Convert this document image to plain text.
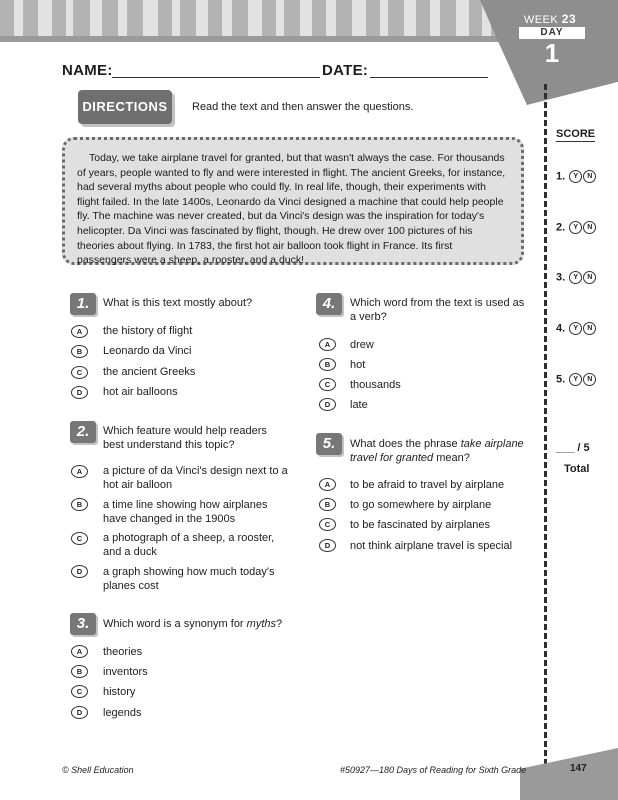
WEEK 23
DAY
1
NAME:	DATE:
DIRECTIONS	Read the text and then answer the questions.
Today, we take airplane travel for granted, but that wasn't always the case. For thousands of years, people wanted to fly and were interested in flight. The ancient Greeks, for instance, had several myths about people who could fly. In real life, though, their experiments with flight failed. In the late 1400s, Leonardo da Vinci designed a machine that could help people fly. The machine was never created, but da Vinci's design was the inspiration for today's helicopter. Da Vinci was fascinated by flight, though. He drew over 100 pictures of his theories about flying. In 1783, the first hot air balloon took flight in France. Its first passengers were a sheep, a rooster, and a duck!
1.	What is this text mostly about?
A	the history of flight
B	Leonardo da Vinci
C	the ancient Greeks
D	hot air balloons
2.	Which feature would help readers best understand this topic?
A	a picture of da Vinci's design next to a hot air balloon
B	a time line showing how airplanes have changed in the 1900s
C	a photograph of a sheep, a rooster, and a duck
D	a graph showing how much today's planes cost
3.	Which word is a synonym for myths?
A	theories
B	inventors
C	history
D	legends
4.	Which word from the text is used as a verb?
A	drew
B	hot
C	thousands
D	late
5.	What does the phrase take airplane travel for granted mean?
A	to be afraid to travel by airplane
B	to go somewhere by airplane
C	to be fascinated by airplanes
D	not think airplane travel is special
SCORE
1. Y N
2. Y N
3. Y N
4. Y N
5. Y N
___ / 5
Total
© Shell Education	#50927—180 Days of Reading for Sixth Grade	147
